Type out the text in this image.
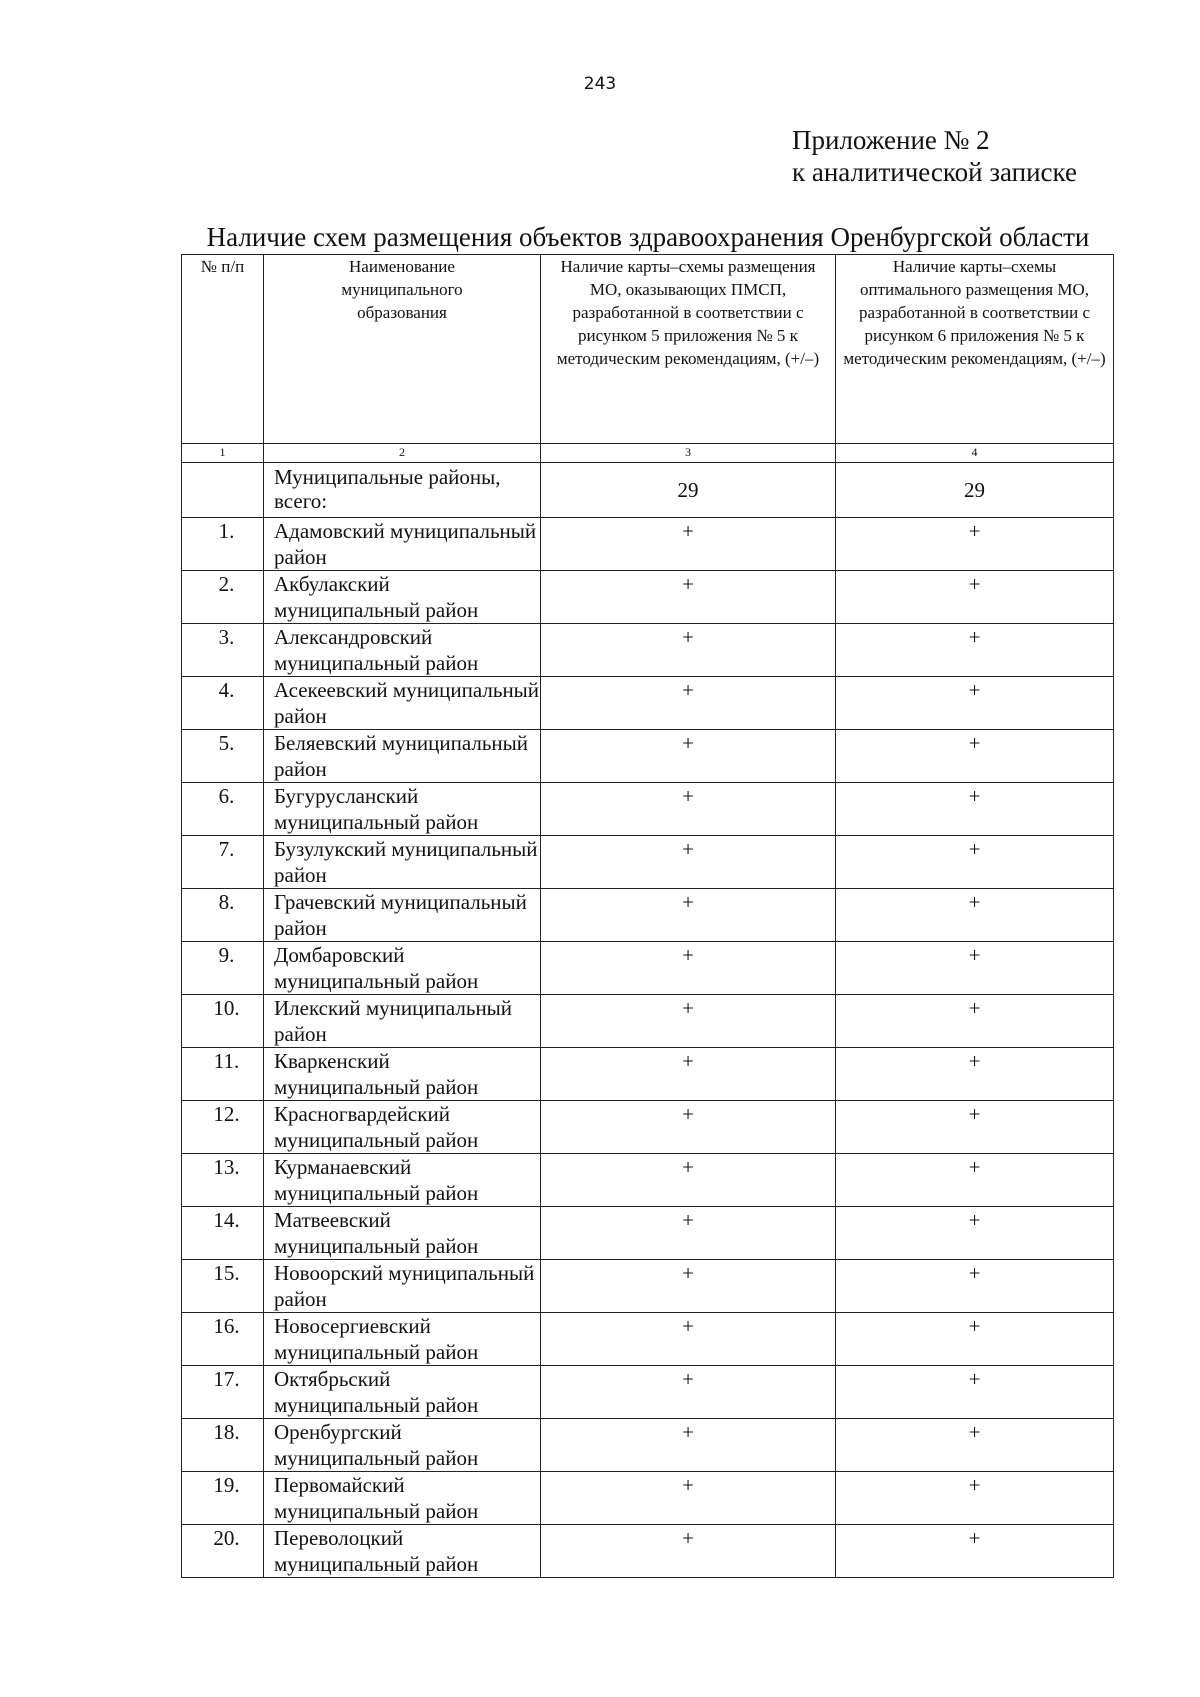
243
Приложение № 2
к аналитической записке
Наличие схем размещения объектов здравоохранения Оренбургской области
№ п/п	Наименование муниципального образования	Наличие карты–схемы размещения МО, оказывающих ПМСП, разработанной в соответствии с рисунком 5 приложения № 5 к методическим рекомендациям, (+/–)	Наличие карты–схемы оптимального размещения МО, разработанной в соответствии с рисунком 6 приложения № 5 к методическим рекомендациям, (+/–)
1	2	3	4
	Муниципальные районы, всего:	29	29
1.	Адамовский муниципальный район	+	+
2.	Акбулакский муниципальный район	+	+
3.	Александровский муниципальный район	+	+
4.	Асекеевский муниципальный район	+	+
5.	Беляевский муниципальный район	+	+
6.	Бугурусланский муниципальный район	+	+
7.	Бузулукский муниципальный район	+	+
8.	Грачевский муниципальный район	+	+
9.	Домбаровский муниципальный район	+	+
10.	Илекский муниципальный район	+	+
11.	Кваркенский муниципальный район	+	+
12.	Красногвардейский муниципальный район	+	+
13.	Курманаевский муниципальный район	+	+
14.	Матвеевский муниципальный район	+	+
15.	Новоорский муниципальный район	+	+
16.	Новосергиевский муниципальный район	+	+
17.	Октябрьский муниципальный район	+	+
18.	Оренбургский муниципальный район	+	+
19.	Первомайский муниципальный район	+	+
20.	Переволоцкий муниципальный район	+	+
